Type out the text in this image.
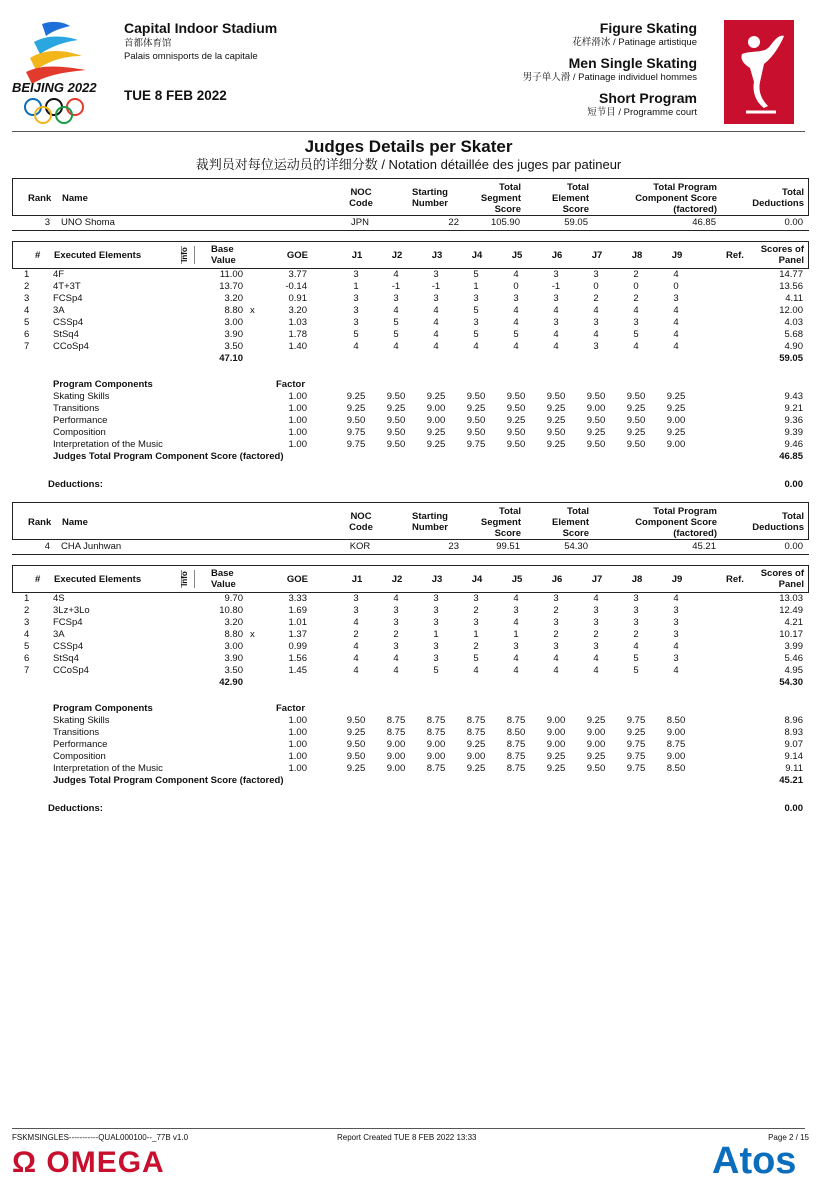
BEIJING 2022
Capital Indoor Stadium
首都体育馆
Palais omnisports de la capitale
TUE 8 FEB 2022
Figure Skating
花样滑冰 / Patinage artistique
Men Single Skating
男子单人滑 / Patinage individuel hommes
Short Program
短节目 / Programme court
Judges Details per Skater
裁判员对每位运动员的详细分数 / Notation détaillée des juges par patineur
Rank Name
NOC
Code
Starting
Number
Total
Segment
Score
Total
Element
Score
Total Program
Component Score
(factored)
Total
Deductions
3 UNO Shoma	JPN	22	105.90	59.05	46.85	0.00
# Executed Elements	Info Base
Value	GOE	J1	J2	J3	J4	J5	J6	J7	J8	J9	Ref.
Scores of
Panel
1 4F	11.00	3.77	3	4	3	5	4	3	3	2	4	14.77
2 4T+3T	13.70	-0.14	1	-1	-1	1	0	-1	0	0	0	13.56
3 FCSp4	3.20	0.91	3	3	3	3	3	3	2	2	3	4.11
4 3A	8.80 x	3.20	3	4	4	5	4	4	4	4	4	12.00
5 CSSp4	3.00	1.03	3	5	4	3	4	3	3	3	4	4.03
6 StSq4	3.90	1.78	5	5	4	5	5	4	4	5	4	5.68
7 CCoSp4	3.50	1.40	4	4	4	4	4	4	3	4	4	4.90
47.10	59.05
Program Components	Factor
Skating Skills	1.00	9.25	9.50	9.25	9.50	9.50	9.50	9.50	9.50	9.25	9.43
Transitions	1.00	9.25	9.25	9.00	9.25	9.50	9.25	9.00	9.25	9.25	9.21
Performance	1.00	9.50	9.50	9.00	9.50	9.25	9.25	9.50	9.50	9.00	9.36
Composition	1.00	9.75	9.50	9.25	9.50	9.50	9.50	9.25	9.25	9.25	9.39
Interpretation of the Music	1.00	9.75	9.50	9.25	9.75	9.50	9.25	9.50	9.50	9.00	9.46
Judges Total Program Component Score (factored)	46.85
Deductions:	0.00
Rank Name
NOC
Code
Starting
Number
Total
Segment
Score
Total
Element
Score
Total Program
Component Score
(factored)
Total
Deductions
4 CHA Junhwan	KOR	23	99.51	54.30	45.21	0.00
# Executed Elements	Info Base
Value	GOE	J1	J2	J3	J4	J5	J6	J7	J8	J9	Ref.
Scores of
Panel
1 4S	9.70	3.33	3	4	3	3	4	3	4	3	4	13.03
2 3Lz+3Lo	10.80	1.69	3	3	3	2	3	2	3	3	3	12.49
3 FCSp4	3.20	1.01	4	3	3	3	4	3	3	3	3	4.21
4 3A	8.80 x	1.37	2	2	1	1	1	2	2	2	3	10.17
5 CSSp4	3.00	0.99	4	3	3	2	3	3	3	4	4	3.99
6 StSq4	3.90	1.56	4	4	3	5	4	4	4	5	3	5.46
7 CCoSp4	3.50	1.45	4	4	5	4	4	4	4	5	4	4.95
42.90	54.30
Program Components	Factor
Skating Skills	1.00	9.50	8.75	8.75	8.75	8.75	9.00	9.25	9.75	8.50	8.96
Transitions	1.00	9.25	8.75	8.75	8.75	8.50	9.00	9.00	9.25	9.00	8.93
Performance	1.00	9.50	9.00	9.00	9.25	8.75	9.00	9.00	9.75	8.75	9.07
Composition	1.00	9.50	9.00	9.00	9.00	8.75	9.25	9.25	9.75	9.00	9.14
Interpretation of the Music	1.00	9.25	9.00	8.75	9.25	8.75	9.25	9.50	9.75	8.50	9.11
Judges Total Program Component Score (factored)	45.21
Deductions:	0.00
FSKMSINGLES-----------QUAL000100--_77B v1.0	Report Created TUE 8 FEB 2022 13:33	Page 2 / 15
Ω OMEGA	Atos
